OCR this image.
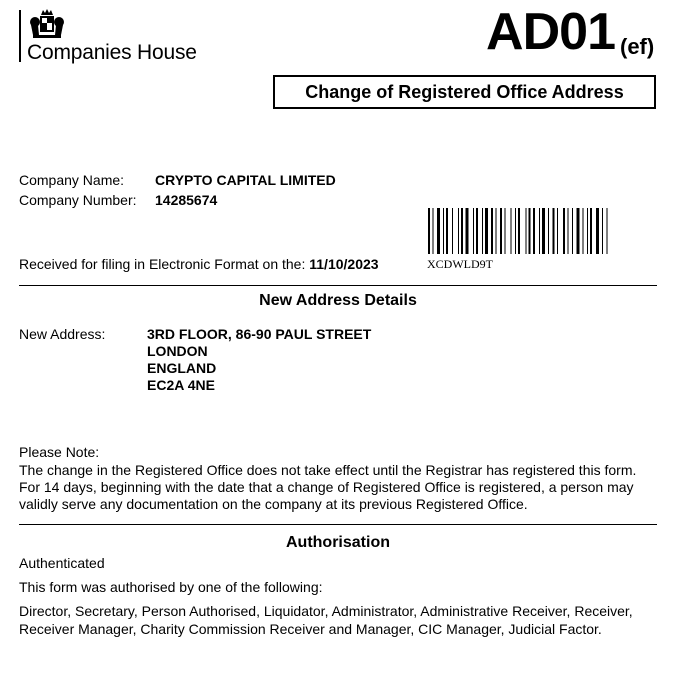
Companies House	AD01 (ef)
Change of Registered Office Address
Company Name: CRYPTO CAPITAL LIMITED
Company Number: 14285674
Received for filing in Electronic Format on the: 11/10/2023	XCDWLD9T
New Address Details
New Address:	3RD FLOOR, 86-90 PAUL STREET
LONDON
ENGLAND
EC2A 4NE
Please Note:
The change in the Registered Office does not take effect until the Registrar has registered this form.
For 14 days, beginning with the date that a change of Registered Office is registered, a person may
validly serve any documentation on the company at its previous Registered Office.
Authorisation
Authenticated
This form was authorised by one of the following:
Director, Secretary, Person Authorised, Liquidator, Administrator, Administrative Receiver, Receiver,
Receiver Manager, Charity Commission Receiver and Manager, CIC Manager, Judicial Factor.
